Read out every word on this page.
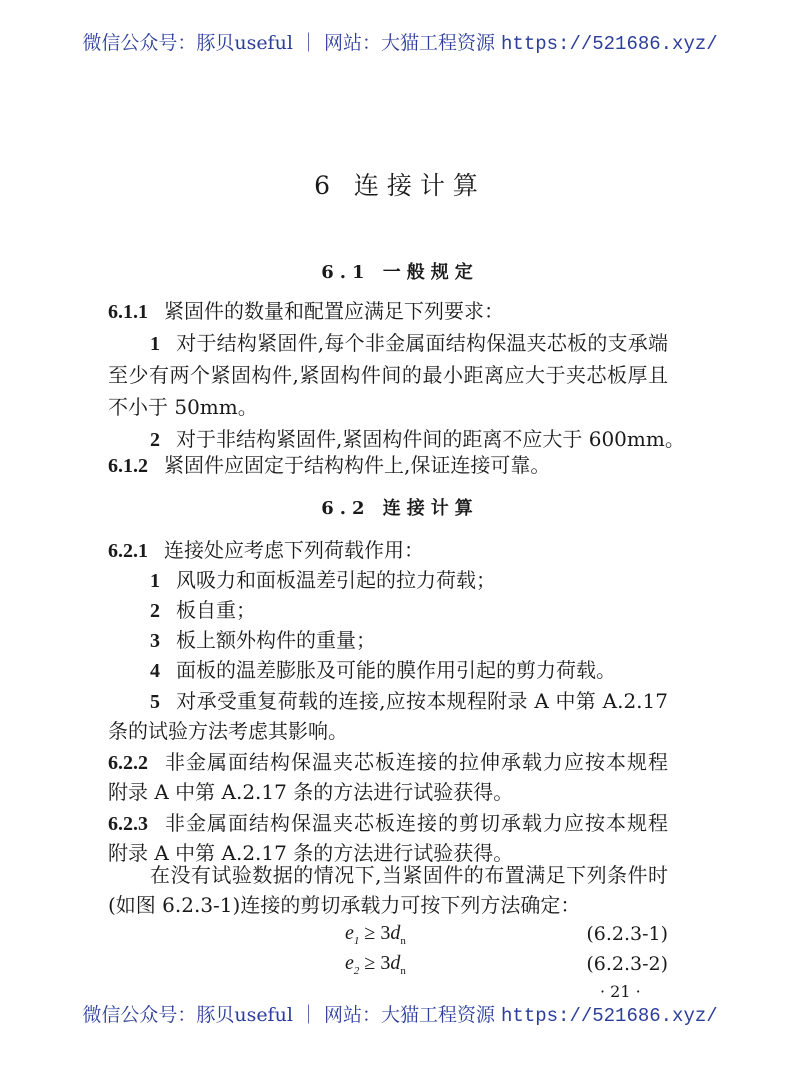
微信公众号：豚贝useful ｜ 网站：大猫工程资源 https://521686.xyz/
6 连接计算
6.1 一般规定
6.1.1 紧固件的数量和配置应满足下列要求：
1 对于结构紧固件,每个非金属面结构保温夹芯板的支承端
至少有两个紧固构件,紧固构件间的最小距离应大于夹芯板厚且
不小于 50mm。
2 对于非结构紧固件,紧固构件间的距离不应大于 600mm。
6.1.2 紧固件应固定于结构构件上,保证连接可靠。
6.2 连接计算
6.2.1 连接处应考虑下列荷载作用：
1 风吸力和面板温差引起的拉力荷载；
2 板自重；
3 板上额外构件的重量；
4 面板的温差膨胀及可能的膜作用引起的剪力荷载。
5 对承受重复荷载的连接,应按本规程附录 A 中第 A.2.17
条的试验方法考虑其影响。
6.2.2 非金属面结构保温夹芯板连接的拉伸承载力应按本规程
附录 A 中第 A.2.17 条的方法进行试验获得。
6.2.3 非金属面结构保温夹芯板连接的剪切承载力应按本规程
附录 A 中第 A.2.17 条的方法进行试验获得。
在没有试验数据的情况下,当紧固件的布置满足下列条件时
(如图 6.2.3-1)连接的剪切承载力可按下列方法确定：
$e_1 \ge 3d_n$	(6.2.3-1)
$e_2 \ge 3d_n$	(6.2.3-2)
· 21 ·
微信公众号：豚贝useful ｜ 网站：大猫工程资源 https://521686.xyz/
